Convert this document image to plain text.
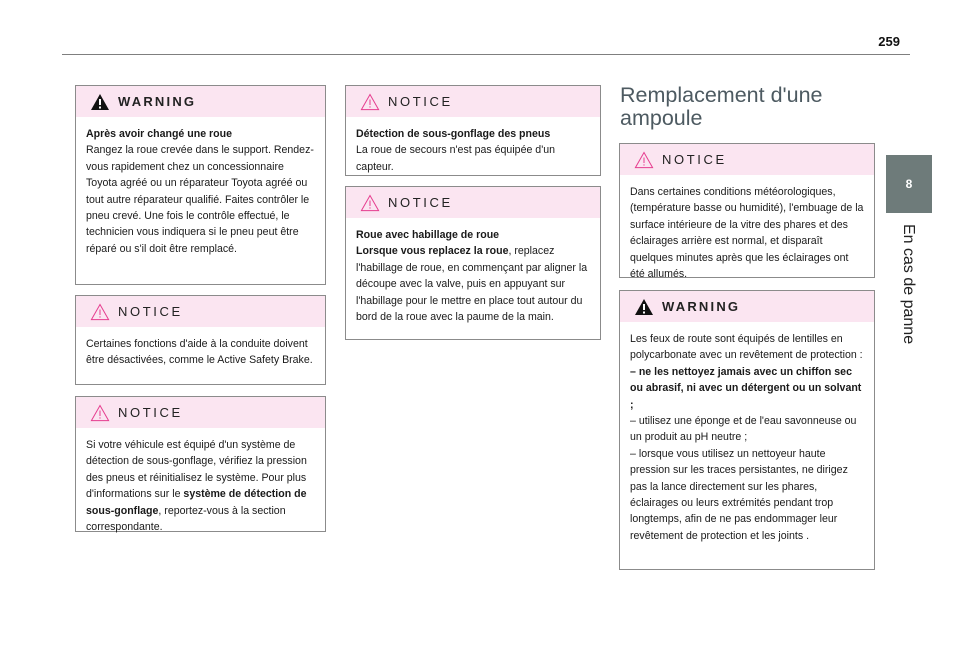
259
8
En cas de panne
WARNING
Après avoir changé une roue
Rangez la roue crevée dans le support. Rendez-vous rapidement chez un concessionnaire Toyota agréé ou un réparateur Toyota agréé ou tout autre réparateur qualifié. Faites contrôler le pneu crevé. Une fois le contrôle effectué, le technicien vous indiquera si le pneu peut être réparé ou s'il doit être remplacé.
NOTICE
Certaines fonctions d'aide à la conduite doivent être désactivées, comme le Active Safety Brake.
NOTICE
Si votre véhicule est équipé d'un système de détection de sous-gonflage, vérifiez la pression des pneus et réinitialisez le système. Pour plus d'informations sur le système de détection de sous-gonflage, reportez-vous à la section correspondante.
NOTICE
Détection de sous-gonflage des pneus
La roue de secours n'est pas équipée d'un capteur.
NOTICE
Roue avec habillage de roue
Lorsque vous replacez la roue, replacez l'habillage de roue, en commençant par aligner la découpe avec la valve, puis en appuyant sur l'habillage pour le mettre en place tout autour du bord de la roue avec la paume de la main.
Remplacement d'une ampoule
NOTICE
Dans certaines conditions météorologiques, (température basse ou humidité), l'embuage de la surface intérieure de la vitre des phares et des éclairages arrière est normal, et disparaît quelques minutes après que les éclairages ont été allumés.
WARNING
Les feux de route sont équipés de lentilles en polycarbonate avec un revêtement de protection :
– ne les nettoyez jamais avec un chiffon sec ou abrasif, ni avec un détergent ou un solvant ;
– utilisez une éponge et de l'eau savonneuse ou un produit au pH neutre ;
– lorsque vous utilisez un nettoyeur haute pression sur les traces persistantes, ne dirigez pas la lance directement sur les phares, éclairages ou leurs extrémités pendant trop longtemps, afin de ne pas endommager leur revêtement de protection et les joints .
